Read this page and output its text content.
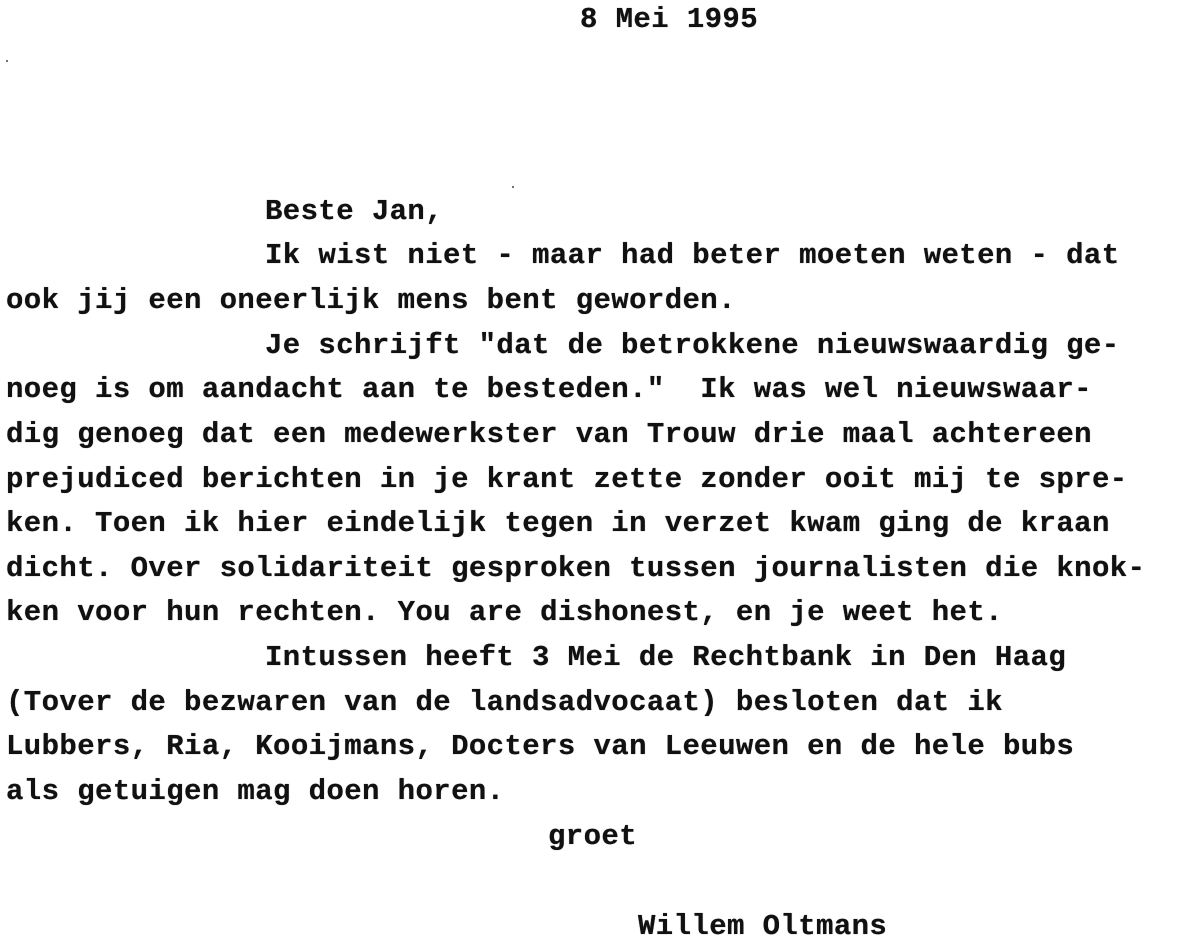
8 Mei 1995
Beste Jan,
Ik wist niet - maar had beter moeten weten - dat
ook jij een oneerlijk mens bent geworden.
Je schrijft "dat de betrokkene nieuwswaardig ge-
noeg is om aandacht aan te besteden."  Ik was wel nieuwswaar-
dig genoeg dat een medewerkster van Trouw drie maal achtereen
prejudiced berichten in je krant zette zonder ooit mij te spre-
ken. Toen ik hier eindelijk tegen in verzet kwam ging de kraan
dicht. Over solidariteit gesproken tussen journalisten die knok-
ken voor hun rechten. You are dishonest, en je weet het.
Intussen heeft 3 Mei de Rechtbank in Den Haag
(Tover de bezwaren van de landsadvocaat) besloten dat ik
Lubbers, Ria, Kooijmans, Docters van Leeuwen en de hele bubs
als getuigen mag doen horen.
groet
Willem Oltmans
